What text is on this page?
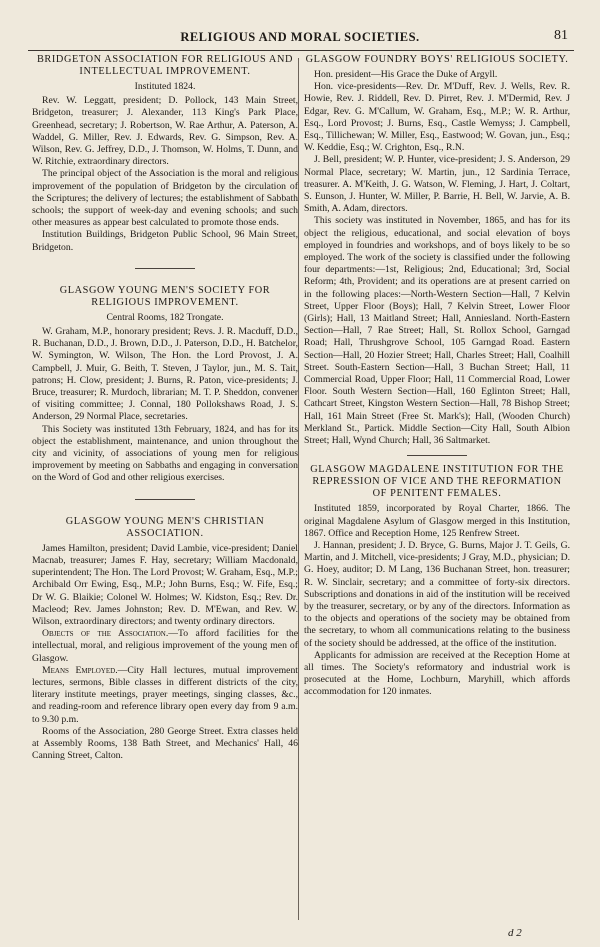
RELIGIOUS AND MORAL SOCIETIES.	81
BRIDGETON ASSOCIATION FOR RELIGIOUS AND INTELLECTUAL IMPROVEMENT.
Instituted 1824.

Rev. W. Leggatt, president; D. Pollock, 143 Main Street, Bridgeton, treasurer; J. Alexander, 113 King's Park Place, Greenhead, secretary; J. Robertson, W. Rae Arthur, A. Paterson, A. Waddel, G. Miller, Rev. J. Edwards, Rev. G. Simpson, Rev. A. Wilson, Rev. G. Jeffrey, D.D., J. Thomson, W. Holms, T. Dunn, and W. Ritchie, extraordinary directors.

The principal object of the Association is the moral and religious improvement of the population of Bridgeton by the circulation of the Scriptures; the delivery of lectures; the establishment of Sabbath schools; the support of week-day and evening schools; and such other measures as appear best calculated to promote those ends.

Institution Buildings, Bridgeton Public School, 96 Main Street, Bridgeton.

GLASGOW YOUNG MEN'S SOCIETY FOR RELIGIOUS IMPROVEMENT.
Central Rooms, 182 Trongate.

W. Graham, M.P., honorary president; Revs. J. R. Macduff, D.D., R. Buchanan, D.D., J. Brown, D.D., J. Paterson, D.D., H. Batchelor, W. Symington, W. Wilson, The Hon. the Lord Provost, J. A. Campbell, J. Muir, G. Beith, T. Steven, J Taylor, jun., M. S. Tait, patrons; H. Clow, president; J. Burns, R. Paton, vice-presidents; J. Bruce, treasurer; R. Murdoch, librarian; M. T. P. Sheddon, convener of visiting committee; J. Connal, 180 Pollokshaws Road, J. S. Anderson, 29 Normal Place, secretaries.

This Society was instituted 13th February, 1824, and has for its object the establishment, maintenance, and union throughout the city and vicinity, of associations of young men for religious improvement by meeting on Sabbaths and engaging in conversation on the Word of God and other religious exercises.

GLASGOW YOUNG MEN'S CHRISTIAN ASSOCIATION.

James Hamilton, president; David Lambie, vice-president; Daniel Macnab, treasurer; James F. Hay, secretary; William Macdonald, superintendent; The Hon. The Lord Provost; W. Graham, Esq., M.P.; Archibald Orr Ewing, Esq., M.P.; John Burns, Esq.; W. Fife, Esq.; Dr W. G. Blaikie; Colonel W. Holmes; W. Kidston, Esq.; Rev. Dr. Macleod; Rev. James Johnston; Rev. D. M'Ewan, and Rev. W. Wilson, extraordinary directors; and twenty ordinary directors.

Objects of the Association.—To afford facilities for the intellectual, moral, and religious improvement of the young men of Glasgow.

Means Employed.—City Hall lectures, mutual improvement lectures, sermons, Bible classes in different districts of the city, literary institute meetings, prayer meetings, singing classes, &c., and reading-room and reference library open every day from 9 a.m. to 9.30 p.m.

Rooms of the Association, 280 George Street. Extra classes held at Assembly Rooms, 138 Bath Street, and Mechanics' Hall, 46 Canning Street, Calton.

GLASGOW FOUNDRY BOYS' RELIGIOUS SOCIETY.

Hon. president—His Grace the Duke of Argyll.

Hon. vice-presidents—Rev. Dr. M'Duff, Rev. J. Wells, Rev. R. Howie, Rev. J. Riddell, Rev. D. Pirret, Rev. J. M'Dermid, Rev. J Edgar, Rev. G. M'Callum, W. Graham, Esq., M.P.; W. R. Arthur, Esq., Lord Provost; J. Burns, Esq., Castle Wemyss; J. Campbell, Esq., Tillichewan; W. Miller, Esq., Eastwood; W. Govan, jun., Esq.; W. Keddie, Esq.; W. Crighton, Esq., R.N.

J. Bell, president; W. P. Hunter, vice-president; J. S. Anderson, 29 Normal Place, secretary; W. Martin, jun., 12 Sardinia Terrace, treasurer. A. M'Keith, J. G. Watson, W. Fleming, J. Hart, J. Coltart, S. Eunson, J. Hunter, W. Miller, P. Barrie, H. Bell, W. Jarvie, A. B. Smith, A. Adam, directors.

This society was instituted in November, 1865, and has for its object the religious, educational, and social elevation of boys employed in foundries and workshops, and of boys likely to be so employed. The work of the society is classified under the following four departments:—1st, Religious; 2nd, Educational; 3rd, Social Reform; 4th, Provident; and its operations are at present carried on in the following places:—North-Western Section—Hall, 7 Kelvin Street, Upper Floor (Boys); Hall, 7 Kelvin Street, Lower Floor (Girls); Hall, 13 Maitland Street; Hall, Anniesland. North-Eastern Section—Hall, 7 Rae Street; Hall, St. Rollox School, Garngad Road; Hall, Thrushgrove School, 105 Garngad Road. Eastern Section—Hall, 20 Hozier Street; Hall, Charles Street; Hall, Coalhill Street. South-Eastern Section—Hall, 3 Buchan Street; Hall, 11 Commercial Road, Upper Floor; Hall, 11 Commercial Road, Lower Floor. South Western Section—Hall, 160 Eglinton Street; Hall, Cathcart Street, Kingston Western Section—Hall, 78 Bishop Street; Hall, 161 Main Street (Free St. Mark's); Hall, (Wooden Church) Merkland St., Partick. Middle Section—City Hall, South Albion Street; Hall, Wynd Church; Hall, 36 Saltmarket.

GLASGOW MAGDALENE INSTITUTION FOR THE REPRESSION OF VICE AND THE REFORMATION OF PENITENT FEMALES.

Instituted 1859, incorporated by Royal Charter, 1866. The original Magdalene Asylum of Glasgow merged in this Institution, 1867. Office and Reception Home, 125 Renfrew Street.

J. Hannan, president; J. D. Bryce, G. Burns, Major J. T. Geils, G. Martin, and J. Mitchell, vice-presidents; J Gray, M.D., physician; D. G. Hoey, auditor; D. M Lang, 136 Buchanan Street, hon. treasurer; R. W. Sinclair, secretary; and a committee of forty-six directors. Subscriptions and donations in aid of the institution will be received by the treasurer, secretary, or by any of the directors. Information as to the objects and operations of the society may be obtained from the secretary, to whom all communications relating to the business of the society should be addressed, at the office of the institution.

Applicants for admission are received at the Reception Home at all times. The Society's reformatory and industrial work is prosecuted at the Home, Lochburn, Maryhill, which affords accommodation for 120 inmates.

d 2
